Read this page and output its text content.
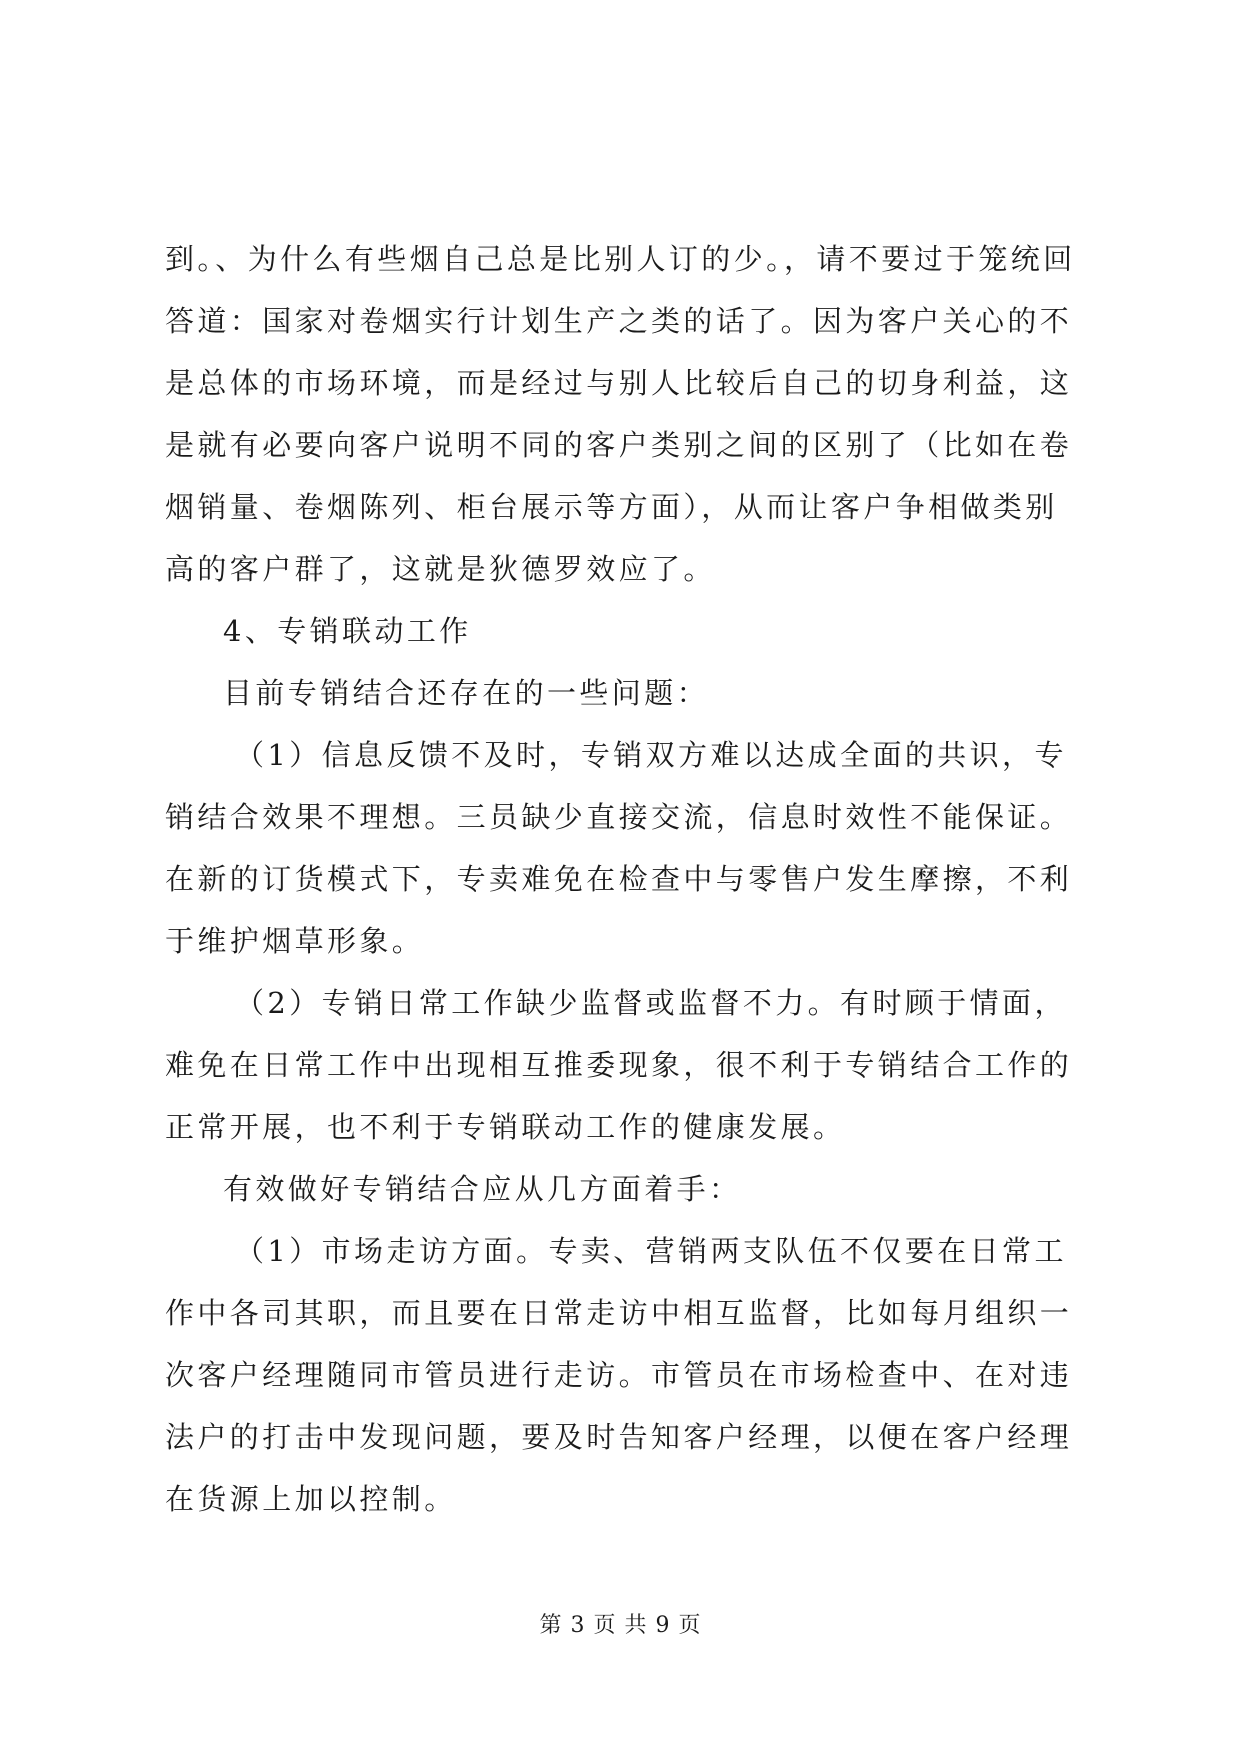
到。、为什么有些烟自己总是比别人订的少。，请不要过于笼统回
答道：国家对卷烟实行计划生产之类的话了。因为客户关心的不
是总体的市场环境，而是经过与别人比较后自己的切身利益，这
是就有必要向客户说明不同的客户类别之间的区别了（比如在卷
烟销量、卷烟陈列、柜台展示等方面），从而让客户争相做类别
高的客户群了，这就是狄德罗效应了。
4、专销联动工作
目前专销结合还存在的一些问题：
（1）信息反馈不及时，专销双方难以达成全面的共识，专
销结合效果不理想。三员缺少直接交流，信息时效性不能保证。
在新的订货模式下，专卖难免在检查中与零售户发生摩擦，不利
于维护烟草形象。
（2）专销日常工作缺少监督或监督不力。有时顾于情面，
难免在日常工作中出现相互推委现象，很不利于专销结合工作的
正常开展，也不利于专销联动工作的健康发展。
有效做好专销结合应从几方面着手：
（1）市场走访方面。专卖、营销两支队伍不仅要在日常工
作中各司其职，而且要在日常走访中相互监督，比如每月组织一
次客户经理随同市管员进行走访。市管员在市场检查中、在对违
法户的打击中发现问题，要及时告知客户经理，以便在客户经理
在货源上加以控制。
第 3 页 共 9 页
